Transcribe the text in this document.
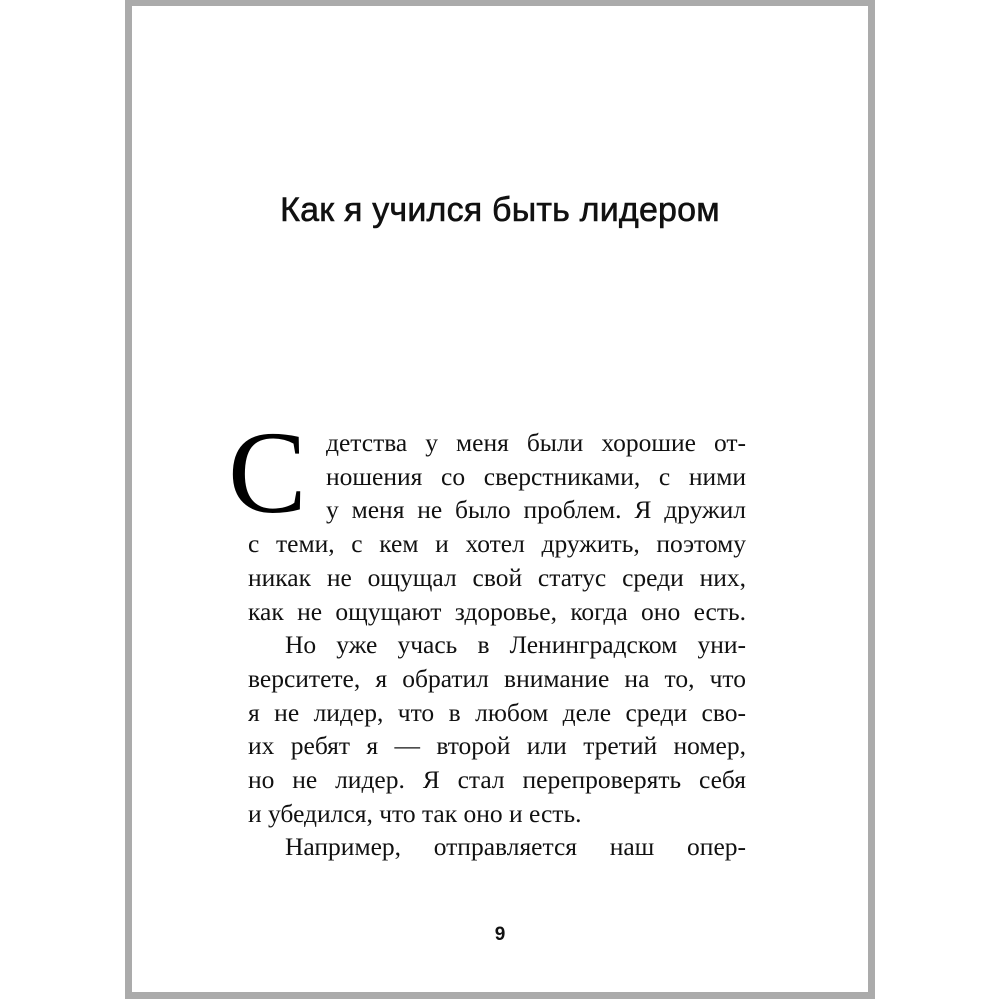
Как я учился быть лидером
С детства у меня были хорошие от-
ношения со сверстниками, с ними
у меня не было проблем. Я дружил
с теми, с кем и хотел дружить, поэтому
никак не ощущал свой статус среди них,
как не ощущают здоровье, когда оно есть.
Но уже учась в Ленинградском уни-
верситете, я обратил внимание на то, что
я не лидер, что в любом деле среди сво-
их ребят я — второй или третий номер,
но не лидер. Я стал перепроверять себя
и убедился, что так оно и есть.
Например, отправляется наш опер-
9
